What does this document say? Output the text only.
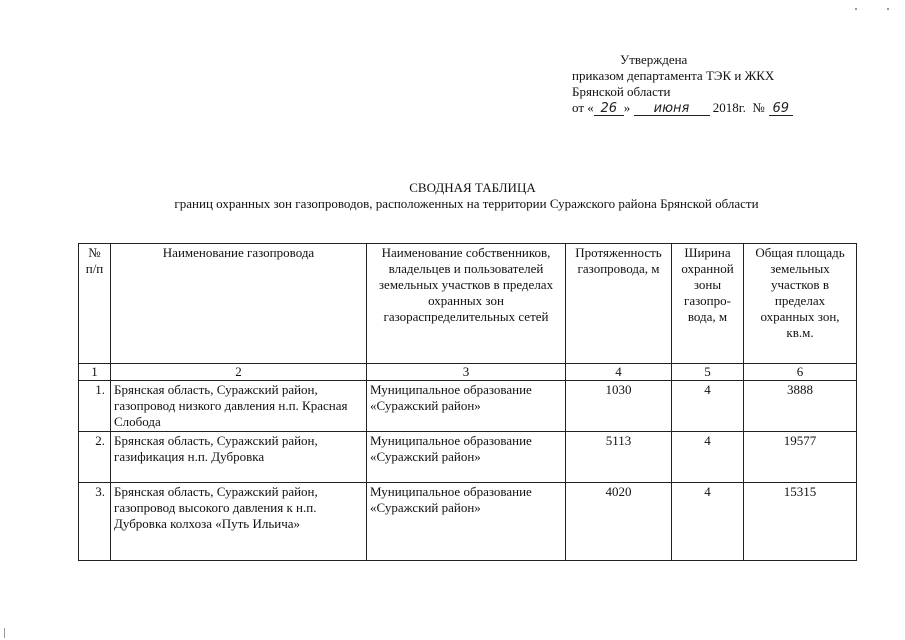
Утверждена
приказом департамента ТЭК и ЖКХ
Брянской области
от « 26 » июня 2018г. № 69
СВОДНАЯ ТАБЛИЦА
границ охранных зон газопроводов, расположенных на территории Суражского района Брянской области
№ п/п	Наименование газопровода	Наименование собственников, владельцев и пользователей земельных участков в пределах охранных зон газораспределительных сетей	Протяженность газопровода, м	Ширина охранной зоны газопро-вода, м	Общая площадь земельных участков в пределах охранных зон, кв.м.
1	2	3	4	5	6
1.	Брянская область, Суражский район, газопровод низкого давления н.п. Красная Слобода	Муниципальное образование «Суражский район»	1030	4	3888
2.	Брянская область, Суражский район, газификация н.п. Дубровка	Муниципальное образование «Суражский район»	5113	4	19577
3.	Брянская область, Суражский район, газопровод высокого давления к н.п. Дубровка колхоза «Путь Ильича»	Муниципальное образование «Суражский район»	4020	4	15315
